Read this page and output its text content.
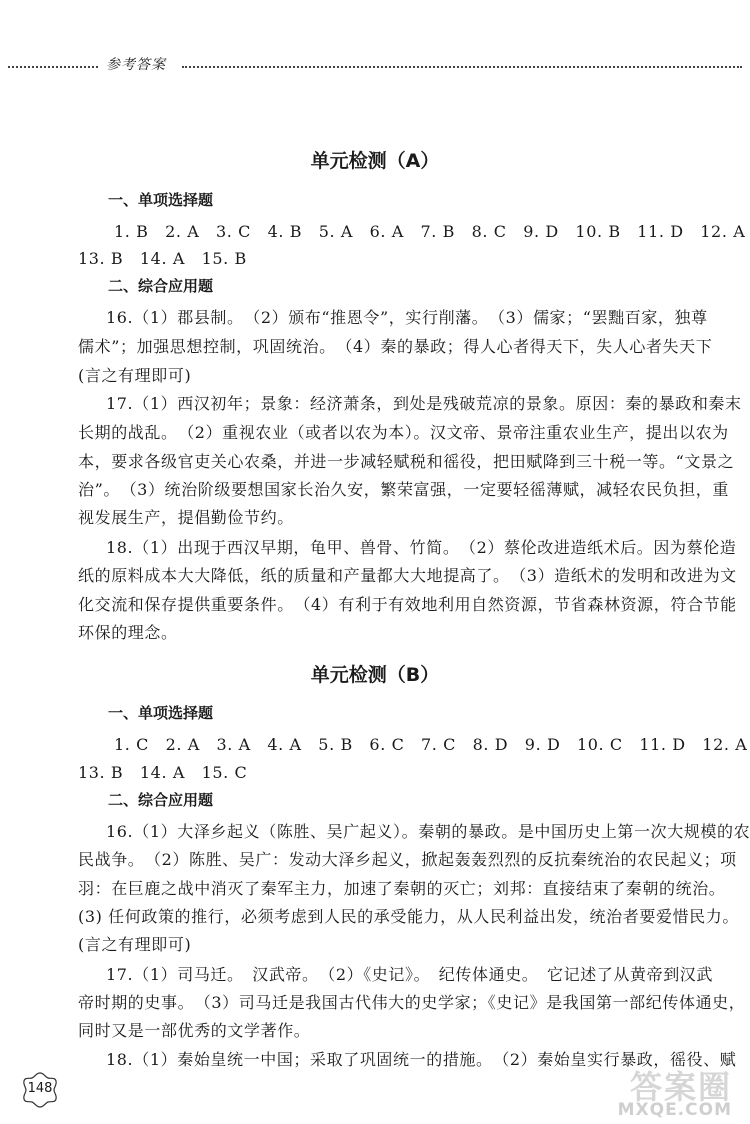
参考答案
单元检测（A）
一、单项选择题
1. B　2. A　3. C　4. B　5. A　6. A　7. B　8. C　9. D　10. B　11. D　12. A
13. B　14. A　15. B
二、综合应用题
16.（1）郡县制。　（2）颁布“推恩令”，实行削藩。　（3）儒家；“罢黜百家，独尊
儒术”；加强思想控制，巩固统治。　（4）秦的暴政；得人心者得天下，失人心者失天下
(言之有理即可)
17.（1）西汉初年；景象：经济萧条，到处是残破荒凉的景象。原因：秦的暴政和秦末
长期的战乱。　（2）重视农业（或者以农为本）。汉文帝、景帝注重农业生产，提出以农为
本，要求各级官吏关心农桑，并进一步减轻赋税和徭役，把田赋降到三十税一等。“文景之
治”。　（3）统治阶级要想国家长治久安，繁荣富强，一定要轻徭薄赋，减轻农民负担，重
视发展生产，提倡勤俭节约。
18.（1）出现于西汉早期，龟甲、兽骨、竹简。　（2）蔡伦改进造纸术后。因为蔡伦造
纸的原料成本大大降低，纸的质量和产量都大大地提高了。　（3）造纸术的发明和改进为文
化交流和保存提供重要条件。　（4）有利于有效地利用自然资源，节省森林资源，符合节能
环保的理念。
单元检测（B）
一、单项选择题
1. C　2. A　3. A　4. A　5. B　6. C　7. C　8. D　9. D　10. C　11. D　12. A
13. B　14. A　15. C
二、综合应用题
16.（1）大泽乡起义（陈胜、吴广起义）。秦朝的暴政。是中国历史上第一次大规模的农
民战争。　（2）陈胜、吴广：发动大泽乡起义，掀起轰轰烈烈的反抗秦统治的农民起义；项
羽：在巨鹿之战中消灭了秦军主力，加速了秦朝的灭亡；刘邦：直接结束了秦朝的统治。
(3) 任何政策的推行，必须考虑到人民的承受能力，从人民利益出发，统治者要爱惜民力。
(言之有理即可)
17.（1）司马迁。　汉武帝。　（2）《史记》。　纪传体通史。　它记述了从黄帝到汉武
帝时期的史事。　（3）司马迁是我国古代伟大的史学家；《史记》是我国第一部纪传体通史，
同时又是一部优秀的文学著作。
18.（1）秦始皇统一中国；采取了巩固统一的措施。　（2）秦始皇实行暴政，徭役、赋
148	答案圈
MXQE.COM
